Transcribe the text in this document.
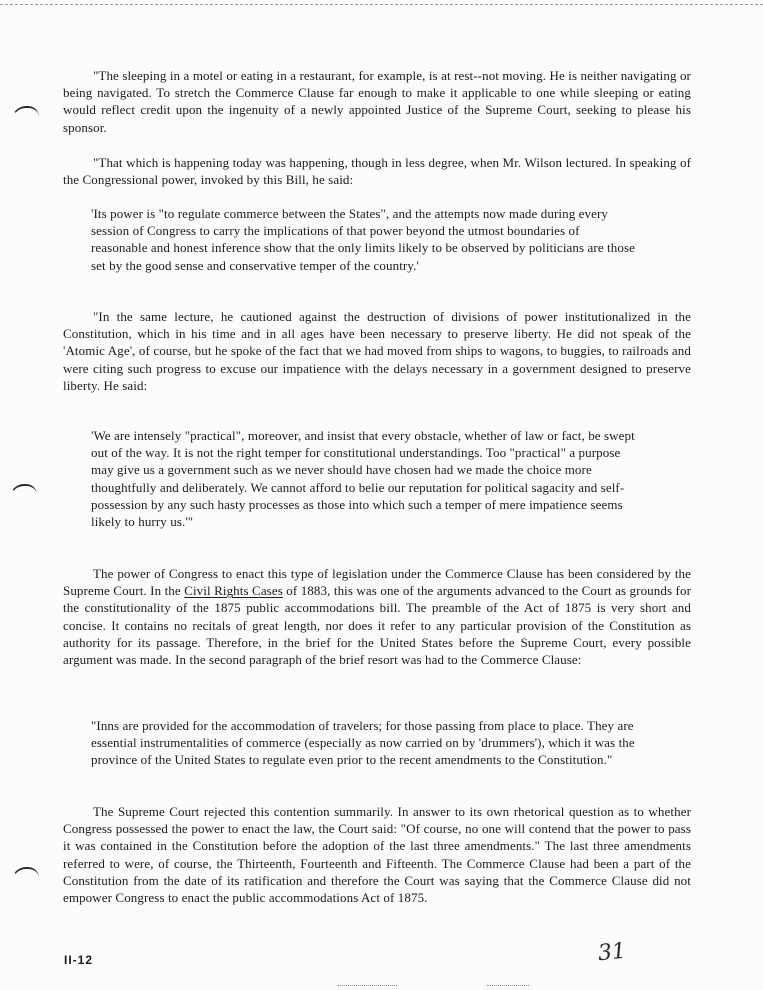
"The sleeping in a motel or eating in a restaurant, for example, is at rest--not moving. He is neither navigating or being navigated. To stretch the Commerce Clause far enough to make it applicable to one while sleeping or eating would reflect credit upon the ingenuity of a newly appointed Justice of the Supreme Court, seeking to please his sponsor.

"That which is happening today was happening, though in less degree, when Mr. Wilson lectured. In speaking of the Congressional power, invoked by this Bill, he said:

'Its power is "to regulate commerce between the States", and the attempts now made during every session of Congress to carry the implications of that power beyond the utmost boundaries of reasonable and honest inference show that the only limits likely to be observed by politicians are those set by the good sense and conservative temper of the country.'

"In the same lecture, he cautioned against the destruction of divisions of power institutionalized in the Constitution, which in his time and in all ages have been necessary to preserve liberty. He did not speak of the 'Atomic Age', of course, but he spoke of the fact that we had moved from ships to wagons, to buggies, to railroads and were citing such progress to excuse our impatience with the delays necessary in a government designed to preserve liberty. He said:

'We are intensely "practical", moreover, and insist that every obstacle, whether of law or fact, be swept out of the way. It is not the right temper for constitutional understandings. Too "practical" a purpose may give us a government such as we never should have chosen had we made the choice more thoughtfully and deliberately. We cannot afford to belie our reputation for political sagacity and self-possession by any such hasty processes as those into which such a temper of mere impatience seems likely to hurry us.'"

The power of Congress to enact this type of legislation under the Commerce Clause has been considered by the Supreme Court. In the Civil Rights Cases of 1883, this was one of the arguments advanced to the Court as grounds for the constitutionality of the 1875 public accommodations bill. The preamble of the Act of 1875 is very short and concise. It contains no recitals of great length, nor does it refer to any particular provision of the Constitution as authority for its passage. Therefore, in the brief for the United States before the Supreme Court, every possible argument was made. In the second paragraph of the brief resort was had to the Commerce Clause:

"Inns are provided for the accommodation of travelers; for those passing from place to place. They are essential instrumentalities of commerce (especially as now carried on by 'drummers'), which it was the province of the United States to regulate even prior to the recent amendments to the Constitution."

The Supreme Court rejected this contention summarily. In answer to its own rhetorical question as to whether Congress possessed the power to enact the law, the Court said: "Of course, no one will contend that the power to pass it was contained in the Constitution before the adoption of the last three amendments." The last three amendments referred to were, of course, the Thirteenth, Fourteenth and Fifteenth. The Commerce Clause had been a part of the Constitution from the date of its ratification and therefore the Court was saying that the Commerce Clause did not empower Congress to enact the public accommodations Act of 1875.

II-12	31
